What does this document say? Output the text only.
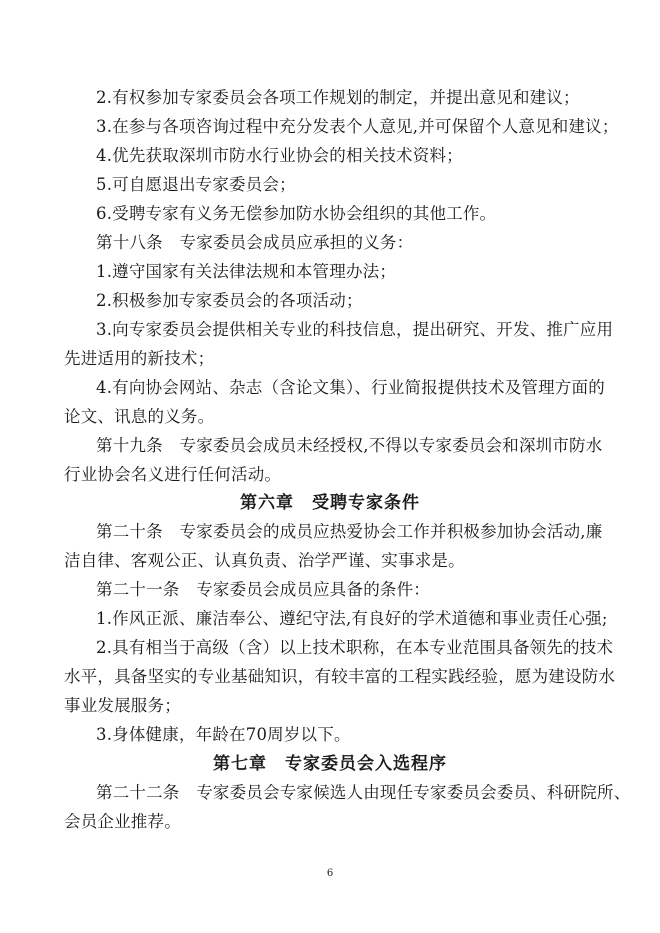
2.有权参加专家委员会各项工作规划的制定，并提出意见和建议；
3.在参与各项咨询过程中充分发表个人意见,并可保留个人意见和建议；
4.优先获取深圳市防水行业协会的相关技术资料；
5.可自愿退出专家委员会；
6.受聘专家有义务无偿参加防水协会组织的其他工作。
第十八条　专家委员会成员应承担的义务：
1.遵守国家有关法律法规和本管理办法；
2.积极参加专家委员会的各项活动；
3.向专家委员会提供相关专业的科技信息，提出研究、开发、推广应用
先进适用的新技术；
4.有向协会网站、杂志（含论文集）、行业简报提供技术及管理方面的
论文、讯息的义务。
第十九条　专家委员会成员未经授权,不得以专家委员会和深圳市防水
行业协会名义进行任何活动。
第六章　受聘专家条件
第二十条　专家委员会的成员应热爱协会工作并积极参加协会活动,廉
洁自律、客观公正、认真负责、治学严谨、实事求是。
第二十一条　专家委员会成员应具备的条件：
1.作风正派、廉洁奉公、遵纪守法,有良好的学术道德和事业责任心强;
2.具有相当于高级（含）以上技术职称，在本专业范围具备领先的技术
水平，具备坚实的专业基础知识，有较丰富的工程实践经验，愿为建设防水
事业发展服务；
3.身体健康，年龄在70周岁以下。
第七章　专家委员会入选程序
第二十二条　专家委员会专家候选人由现任专家委员会委员、科研院所、
会员企业推荐。
6
